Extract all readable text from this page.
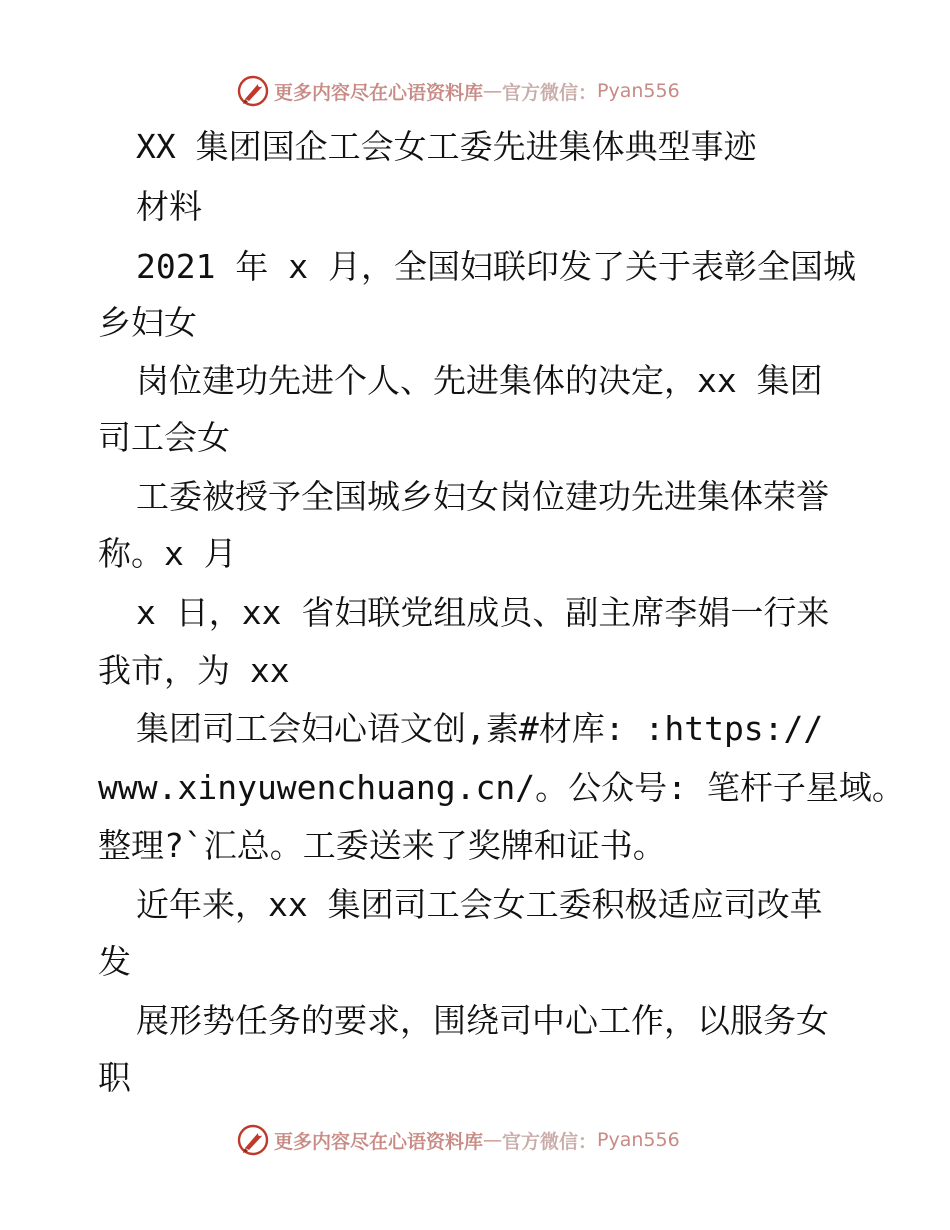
更多内容尽在心语资料库 — 官方微信： Pyan556
XX 集团国企工会女工委先进集体典型事迹
材料
2021 年 x 月，全国妇联印发了关于表彰全国城
乡妇女
岗位建功先进个人、先进集体的决定，xx 集团
司工会女
工委被授予全国城乡妇女岗位建功先进集体荣誉
称。x 月
x 日，xx 省妇联党组成员、副主席李娟一行来
我市，为 xx
集团司工会妇心语文创,素#材库: :https://
www.xinyuwenchuang.cn/。公众号: 笔杆子星域。
整理?`汇总。工委送来了奖牌和证书。
近年来，xx 集团司工会女工委积极适应司改革
发
展形势任务的要求，围绕司中心工作，以服务女
职
更多内容尽在心语资料库 — 官方微信： Pyan556
